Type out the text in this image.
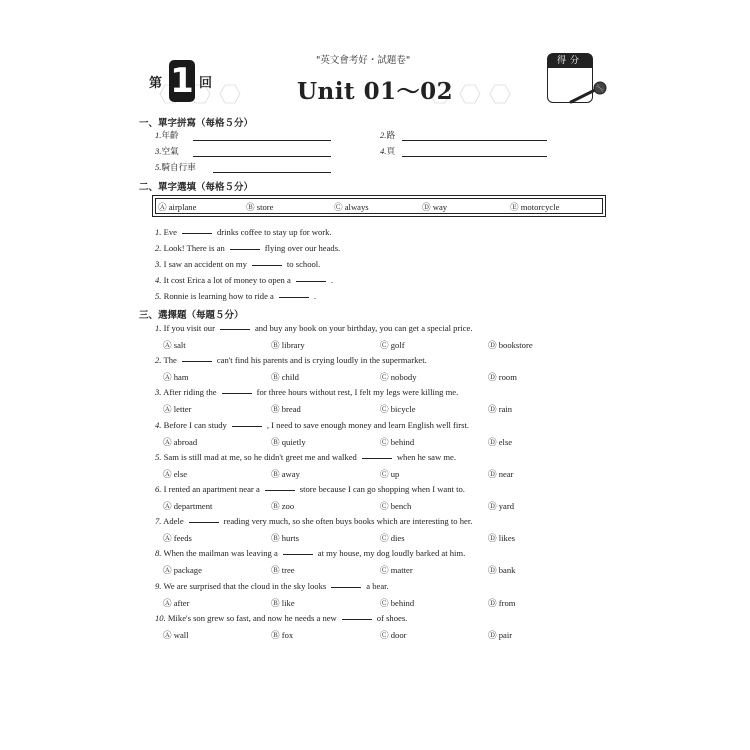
第 1 回
"英文會考好・試題卷"
Unit 01～02
得分
一、單字拼寫（每格５分）
1.年齡	2.路
3.空氣	4.頁
5.騎自行車
二、單字選填（每格５分）
Ⓐ airplane	Ⓑ store	Ⓒ always	Ⓓ way	Ⓔ motorcycle
1. Eve	drinks coffee to stay up for work.
2. Look! There is an	flying over our heads.
3. I saw an accident on my	to school.
4. It cost Erica a lot of money to open a	.
5. Ronnie is learning how to ride a	.
三、選擇題（每題５分）
1. If you visit our	and buy any book on your birthday, you can get a special price.
Ⓐ salt	Ⓑ library	Ⓒ golf	Ⓓ bookstore
2. The	can't find his parents and is crying loudly in the supermarket.
Ⓐ ham	Ⓑ child	Ⓒ nobody	Ⓓ room
3. After riding the	for three hours without rest, I felt my legs were killing me.
Ⓐ letter	Ⓑ bread	Ⓒ bicycle	Ⓓ rain
4. Before I can study	, I need to save enough money and learn English well first.
Ⓐ abroad	Ⓑ quietly	Ⓒ behind	Ⓓ else
5. Sam is still mad at me, so he didn't greet me and walked	when he saw me.
Ⓐ else	Ⓑ away	Ⓒ up	Ⓓ near
6. I rented an apartment near a	store because I can go shopping when I want to.
Ⓐ department	Ⓑ zoo	Ⓒ bench	Ⓓ yard
7. Adele	reading very much, so she often buys books which are interesting to her.
Ⓐ feeds	Ⓑ hurts	Ⓒ dies	Ⓓ likes
8. When the mailman was leaving a	at my house, my dog loudly barked at him.
Ⓐ package	Ⓑ tree	Ⓒ matter	Ⓓ bank
9. We are surprised that the cloud in the sky looks	a bear.
Ⓐ after	Ⓑ like	Ⓒ behind	Ⓓ from
10. Mike's son grew so fast, and now he needs a new	of shoes.
Ⓐ wall	Ⓑ fox	Ⓒ door	Ⓓ pair
